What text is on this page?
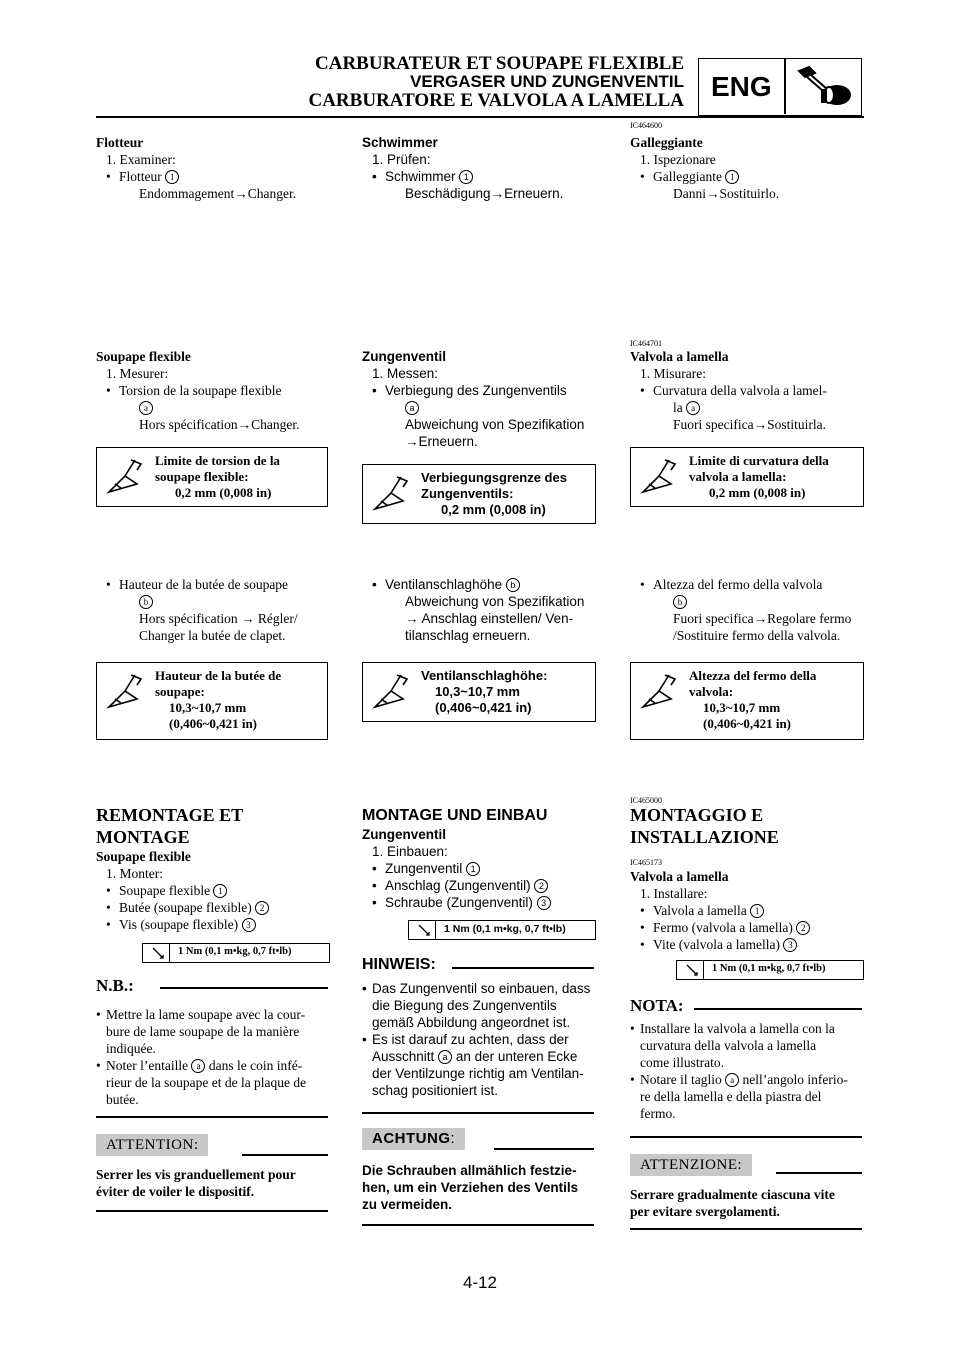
CARBURATEUR ET SOUPAPE FLEXIBLE
VERGASER UND ZUNGENVENTIL
CARBURATORE E VALVOLA A LAMELLA ENG
Flotteur
1. Examiner:
• Flotteur 1
Endommagement→Changer.
Soupape flexible
1. Mesurer:
• Torsion de la soupape flexible
a
Hors spécification→Changer.
Limite de torsion de la
soupape flexible:
0,2 mm (0,008 in)
• Hauteur de la butée de soupape
b
Hors spécification → Régler/
Changer la butée de clapet.
Hauteur de la butée de
soupape:
10,3~10,7 mm
(0,406~0,421 in)
REMONTAGE ET
MONTAGE
Soupape flexible
1. Monter:
• Soupape flexible 1
• Butée (soupape flexible) 2
• Vis (soupape flexible) 3
1 Nm (0,1 m•kg, 0,7 ft•lb)
N.B.:
• Mettre la lame soupape avec la cour-
bure de lame soupape de la manière
indiquée.
• Noter l’entaille a dans le coin infé-
rieur de la soupape et de la plaque de
butée.
ATTENTION:
Serrer les vis granduellement pour
éviter de voiler le dispositif.
Schwimmer
1. Prüfen:
• Schwimmer 1
Beschädigung→Erneuern.
Zungenventil
1. Messen:
• Verbiegung des Zungenventils
a
Abweichung von Spezifikation
→Erneuern.
Verbiegungsgrenze des
Zungenventils:
0,2 mm (0,008 in)
• Ventilanschlaghöhe b
Abweichung von Spezifikation
→ Anschlag einstellen/ Ven-
tilanschlag erneuern.
Ventilanschlaghöhe:
10,3~10,7 mm
(0,406~0,421 in)
MONTAGE UND EINBAU
Zungenventil
1. Einbauen:
• Zungenventil 1
• Anschlag (Zungenventil) 2
• Schraube (Zungenventil) 3
1 Nm (0,1 m•kg, 0,7 ft•lb)
HINWEIS:
• Das Zungenventil so einbauen, dass
die Biegung des Zungenventils
gemäß Abbildung angeordnet ist.
• Es ist darauf zu achten, dass der
Ausschnitt a an der unteren Ecke
der Ventilzunge richtig am Ventilan-
schag positioniert ist.
ACHTUNG:
Die Schrauben allmählich festzie-
hen, um ein Verziehen des Ventils
zu vermeiden.
IC464600
Galleggiante
1. Ispezionare
• Galleggiante 1
Danni→Sostituirlo.
IC464701
Valvola a lamella
1. Misurare:
• Curvatura della valvola a lamel-
la a
Fuori specifica→Sostituirla.
Limite di curvatura della
valvola a lamella:
0,2 mm (0,008 in)
• Altezza del fermo della valvola
b
Fuori specifica→Regolare fermo
/Sostituire fermo della valvola.
Altezza del fermo della
valvola:
10,3~10,7 mm
(0,406~0,421 in)
IC465000
MONTAGGIO E
INSTALLAZIONE
IC465173
Valvola a lamella
1. Installare:
• Valvola a lamella 1
• Fermo (valvola a lamella) 2
• Vite (valvola a lamella) 3
1 Nm (0,1 m•kg, 0,7 ft•lb)
NOTA:
• Installare la valvola a lamella con la
curvatura della valvola a lamella
come illustrato.
• Notare il taglio a nell’angolo inferio-
re della lamella e della piastra del
fermo.
ATTENZIONE:
Serrare gradualmente ciascuna vite
per evitare svergolamenti.
4-12
